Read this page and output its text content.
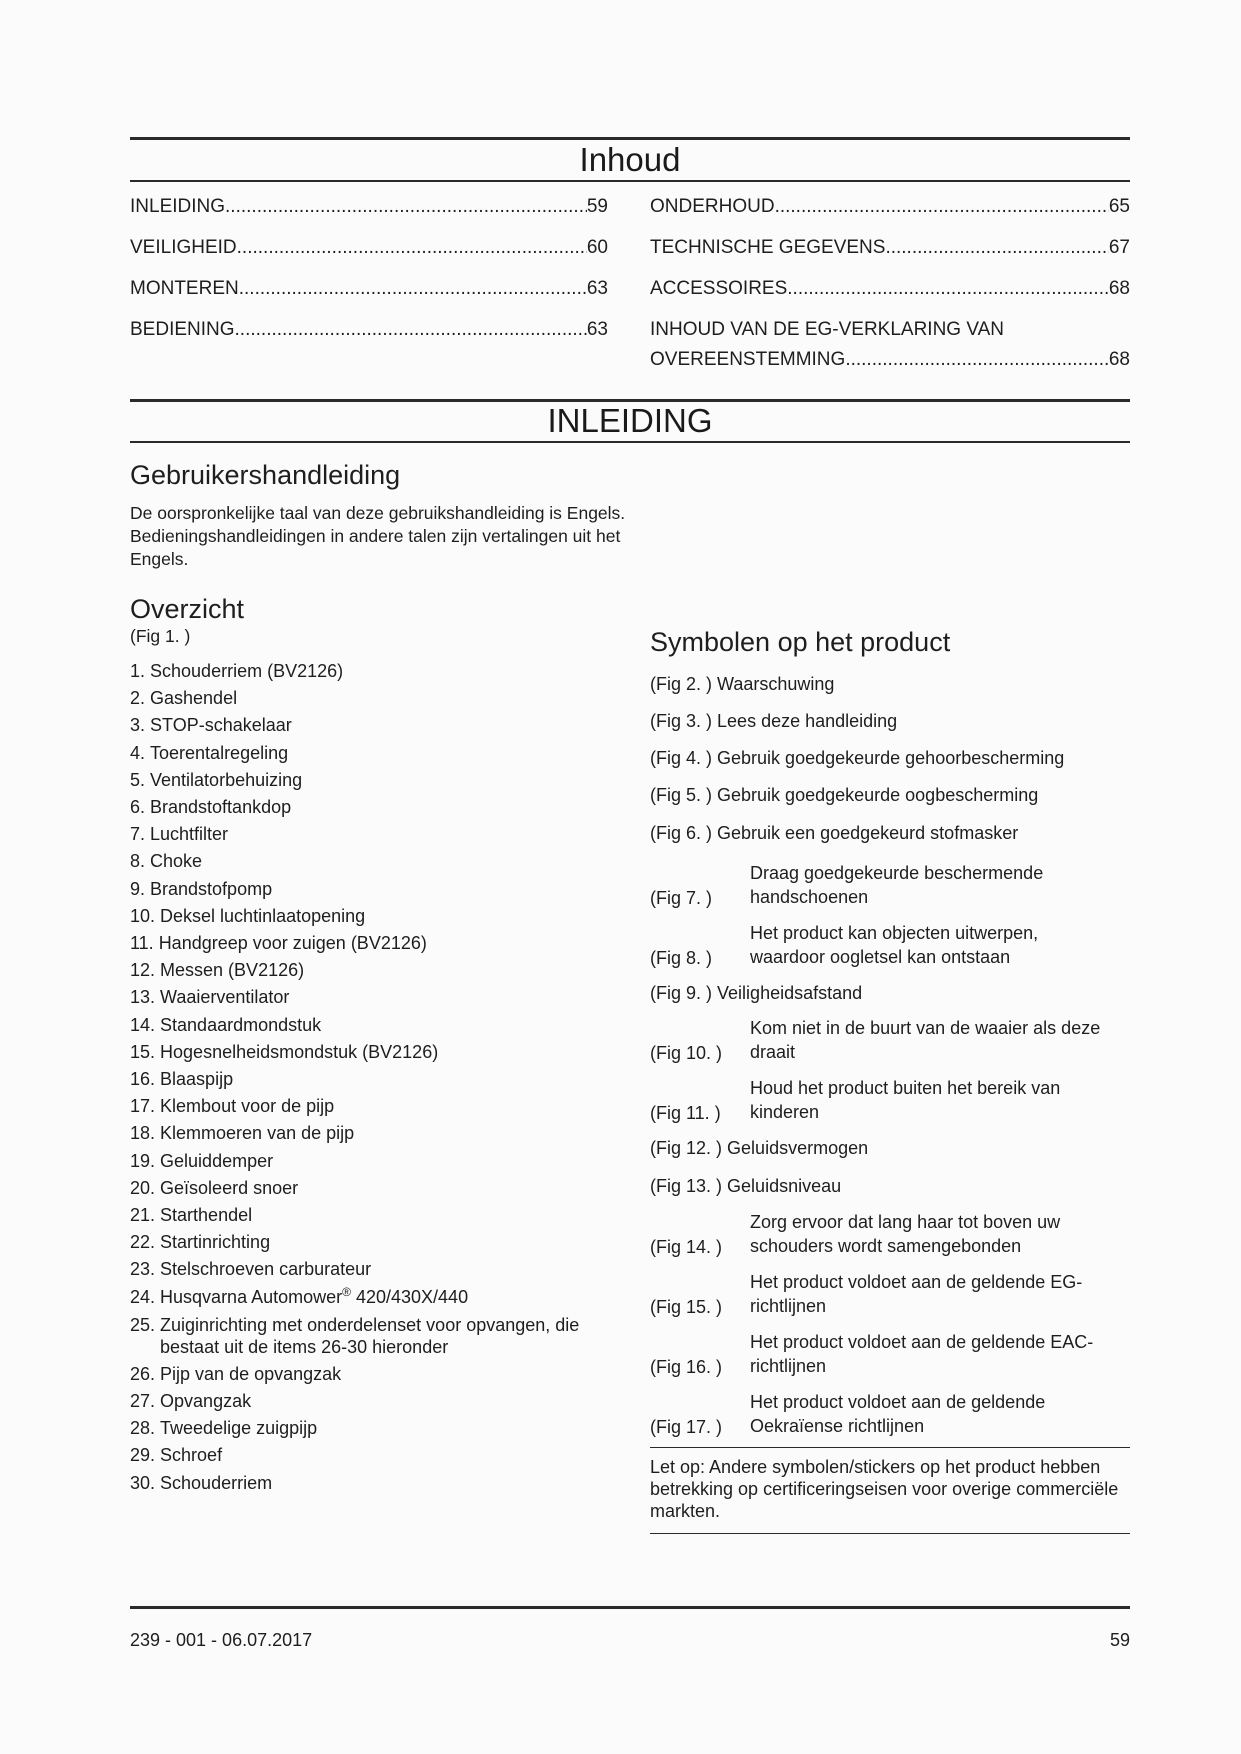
Inhoud
INLEIDING .....	59
VEILIGHEID .....	60
MONTEREN .....	63
BEDIENING .....	63
ONDERHOUD .....	65
TECHNISCHE GEGEVENS .....	67
ACCESSOIRES .....	68
INHOUD VAN DE EG-VERKLARING VAN
OVEREENSTEMMING .....	68
INLEIDING
Gebruikershandleiding
De oorspronkelijke taal van deze gebruikshandleiding is Engels. Bedieningshandleidingen in andere talen zijn vertalingen uit het Engels.
Overzicht
(Fig 1. )
1. Schouderriem (BV2126)
2. Gashendel
3. STOP-schakelaar
4. Toerentalregeling
5. Ventilatorbehuizing
6. Brandstoftankdop
7. Luchtfilter
8. Choke
9. Brandstofpomp
10. Deksel luchtinlaatopening
11. Handgreep voor zuigen (BV2126)
12. Messen (BV2126)
13. Waaierventilator
14. Standaardmondstuk
15. Hogesnelheidsmondstuk (BV2126)
16. Blaaspijp
17. Klembout voor de pijp
18. Klemmoeren van de pijp
19. Geluiddemper
20. Geïsoleerd snoer
21. Starthendel
22. Startinrichting
23. Stelschroeven carburateur
24. Husqvarna Automower® 420/430X/440
25. Zuiginrichting met onderdelenset voor opvangen, die bestaat uit de items 26-30 hieronder
26. Pijp van de opvangzak
27. Opvangzak
28. Tweedelige zuigpijp
29. Schroef
30. Schouderriem
Symbolen op het product
(Fig 2. ) Waarschuwing
(Fig 3. ) Lees deze handleiding
(Fig 4. ) Gebruik goedgekeurde gehoorbescherming
(Fig 5. ) Gebruik goedgekeurde oogbescherming
(Fig 6. ) Gebruik een goedgekeurd stofmasker
(Fig 7. )
Draag goedgekeurde beschermende
handschoenen
(Fig 8. )
Het product kan objecten uitwerpen,
waardoor oogletsel kan ontstaan
(Fig 9. ) Veiligheidsafstand
(Fig 10. )
Kom niet in de buurt van de waaier als deze
draait
(Fig 11. )
Houd het product buiten het bereik van
kinderen
(Fig 12. ) Geluidsvermogen
(Fig 13. ) Geluidsniveau
(Fig 14. )
Zorg ervoor dat lang haar tot boven uw
schouders wordt samengebonden
(Fig 15. )
Het product voldoet aan de geldende EG-
richtlijnen
(Fig 16. )
Het product voldoet aan de geldende EAC-
richtlijnen
(Fig 17. )
Het product voldoet aan de geldende
Oekraïense richtlijnen
Let op: Andere symbolen/stickers op het product hebben betrekking op certificeringseisen voor overige commerciële markten.
239 - 001 - 06.07.2017	59
